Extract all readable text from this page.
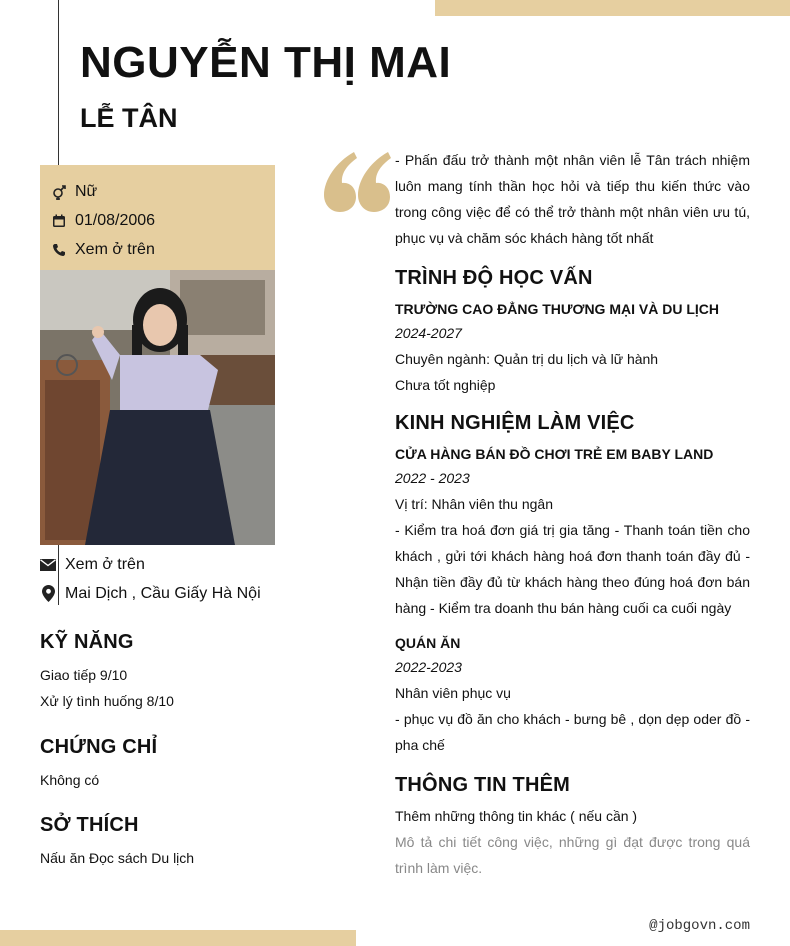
NGUYỄN THỊ MAI
LỄ TÂN
Nữ
01/08/2006
Xem ở trên
Xem ở trên
Mai Dịch , Cầu Giấy Hà Nội
KỸ NĂNG
Giao tiếp 9/10
Xử lý tình huống 8/10
CHỨNG CHỈ
Không có
SỞ THÍCH
Nấu ăn Đọc sách Du lịch

- Phấn đấu trở thành một nhân viên lễ Tân trách nhiệm luôn mang tính thần học hỏi và tiếp thu kiến thức vào trong công việc để có thể trở thành một nhân viên ưu tú, phục vụ và chăm sóc khách hàng tốt nhất

TRÌNH ĐỘ HỌC VẤN
TRƯỜNG CAO ĐẲNG THƯƠNG MẠI VÀ DU LỊCH
2024-2027
Chuyên ngành: Quản trị du lịch và lữ hành
Chưa tốt nghiệp
KINH NGHIỆM LÀM VIỆC
CỬA HÀNG BÁN ĐỒ CHƠI TRẺ EM BABY LAND
2022 - 2023
Vị trí: Nhân viên thu ngân

- Kiểm tra hoá đơn giá trị gia tăng - Thanh toán tiền cho khách , gửi tới khách hàng hoá đơn thanh toán đầy đủ - Nhận tiền đầy đủ từ khách hàng theo đúng hoá đơn bán hàng - Kiểm tra doanh thu bán hàng cuối ca cuối ngày

QUÁN ĂN
2022-2023
Nhân viên phục vụ

- phục vụ đồ ăn cho khách - bưng bê , dọn dẹp oder đồ - pha chế

THÔNG TIN THÊM
Thêm những thông tin khác ( nếu cần )

Mô tả chi tiết công việc, những gì đạt được trong quá trình làm việc.

@jobgovn.com
